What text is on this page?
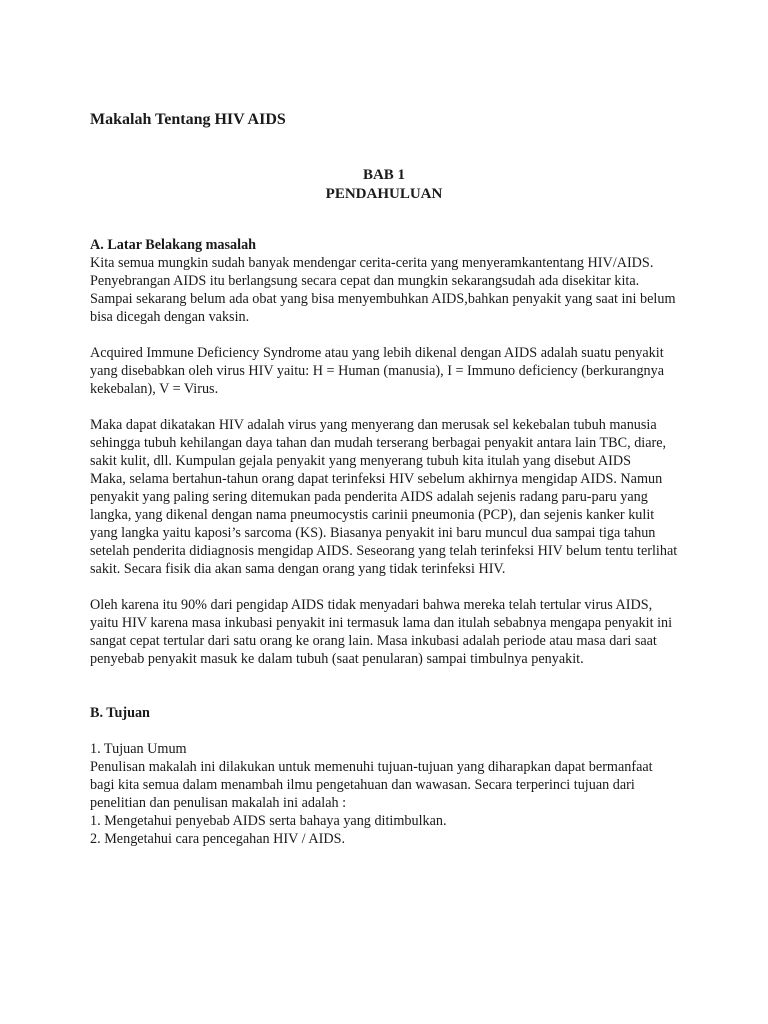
Makalah Tentang HIV AIDS
BAB 1
PENDAHULUAN

A. Latar Belakang masalah

Kita semua mungkin sudah banyak mendengar cerita-cerita yang menyeramkantentang HIV/AIDS. Penyebrangan AIDS itu berlangsung secara cepat dan mungkin sekarangsudah ada disekitar kita. Sampai sekarang belum ada obat yang bisa menyembuhkan AIDS,bahkan penyakit yang saat ini belum bisa dicegah dengan vaksin.

Acquired Immune Deficiency Syndrome atau yang lebih dikenal dengan AIDS adalah suatu penyakit yang disebabkan oleh virus HIV yaitu: H = Human (manusia), I = Immuno deficiency (berkurangnya kekebalan), V = Virus.

Maka dapat dikatakan HIV adalah virus yang menyerang dan merusak sel kekebalan tubuh manusia sehingga tubuh kehilangan daya tahan dan mudah terserang berbagai penyakit antara lain TBC, diare, sakit kulit, dll. Kumpulan gejala penyakit yang menyerang tubuh kita itulah yang disebut AIDS

Maka, selama bertahun-tahun orang dapat terinfeksi HIV sebelum akhirnya mengidap AIDS. Namun penyakit yang paling sering ditemukan pada penderita AIDS adalah sejenis radang paru-paru yang langka, yang dikenal dengan nama pneumocystis carinii pneumonia (PCP), dan sejenis kanker kulit yang langka yaitu kaposi’s sarcoma (KS). Biasanya penyakit ini baru muncul dua sampai tiga tahun setelah penderita didiagnosis mengidap AIDS. Seseorang yang telah terinfeksi HIV belum tentu terlihat sakit. Secara fisik dia akan sama dengan orang yang tidak terinfeksi HIV.

Oleh karena itu 90% dari pengidap AIDS tidak menyadari bahwa mereka telah tertular virus AIDS, yaitu HIV karena masa inkubasi penyakit ini termasuk lama dan itulah sebabnya mengapa penyakit ini sangat cepat tertular dari satu orang ke orang lain. Masa inkubasi adalah periode atau masa dari saat penyebab penyakit masuk ke dalam tubuh (saat penularan) sampai timbulnya penyakit.

B. Tujuan

1. Tujuan Umum

Penulisan makalah ini dilakukan untuk memenuhi tujuan-tujuan yang diharapkan dapat bermanfaat bagi kita semua dalam menambah ilmu pengetahuan dan wawasan. Secara terperinci tujuan dari penelitian dan penulisan makalah ini adalah :

1. Mengetahui penyebab AIDS serta bahaya yang ditimbulkan.

2. Mengetahui cara pencegahan HIV / AIDS.
